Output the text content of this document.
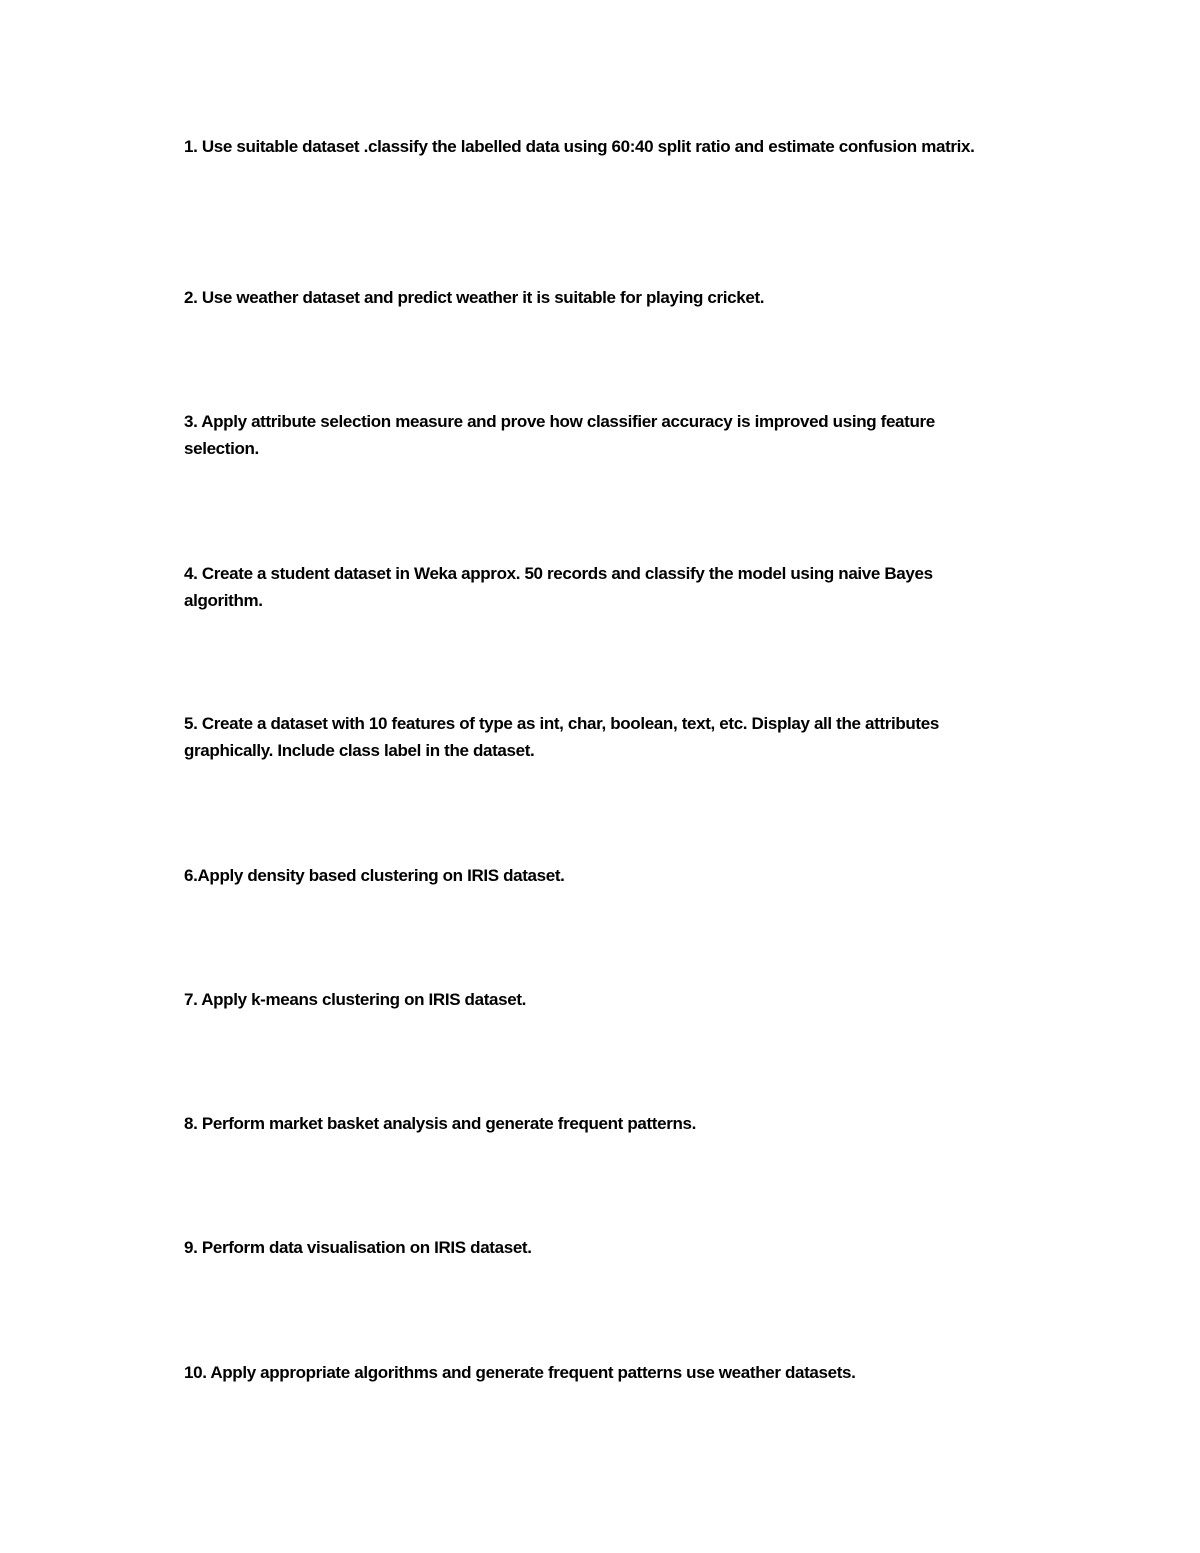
1. Use suitable dataset .classify the labelled data using 60:40 split ratio and estimate confusion matrix.

2. Use weather dataset and predict weather it is suitable for playing cricket.

3. Apply attribute selection measure and prove how classifier accuracy is improved using feature selection.

4. Create a student dataset in Weka approx. 50 records and classify the model using naive Bayes algorithm.

5. Create a dataset with 10 features of type as int, char, boolean, text, etc. Display all the attributes graphically. Include class label in the dataset.

6.Apply density based clustering on IRIS dataset.

7. Apply k-means clustering on IRIS dataset.

8. Perform market basket analysis and generate frequent patterns.

9. Perform data visualisation on IRIS dataset.

10. Apply appropriate algorithms and generate frequent patterns use weather datasets.
